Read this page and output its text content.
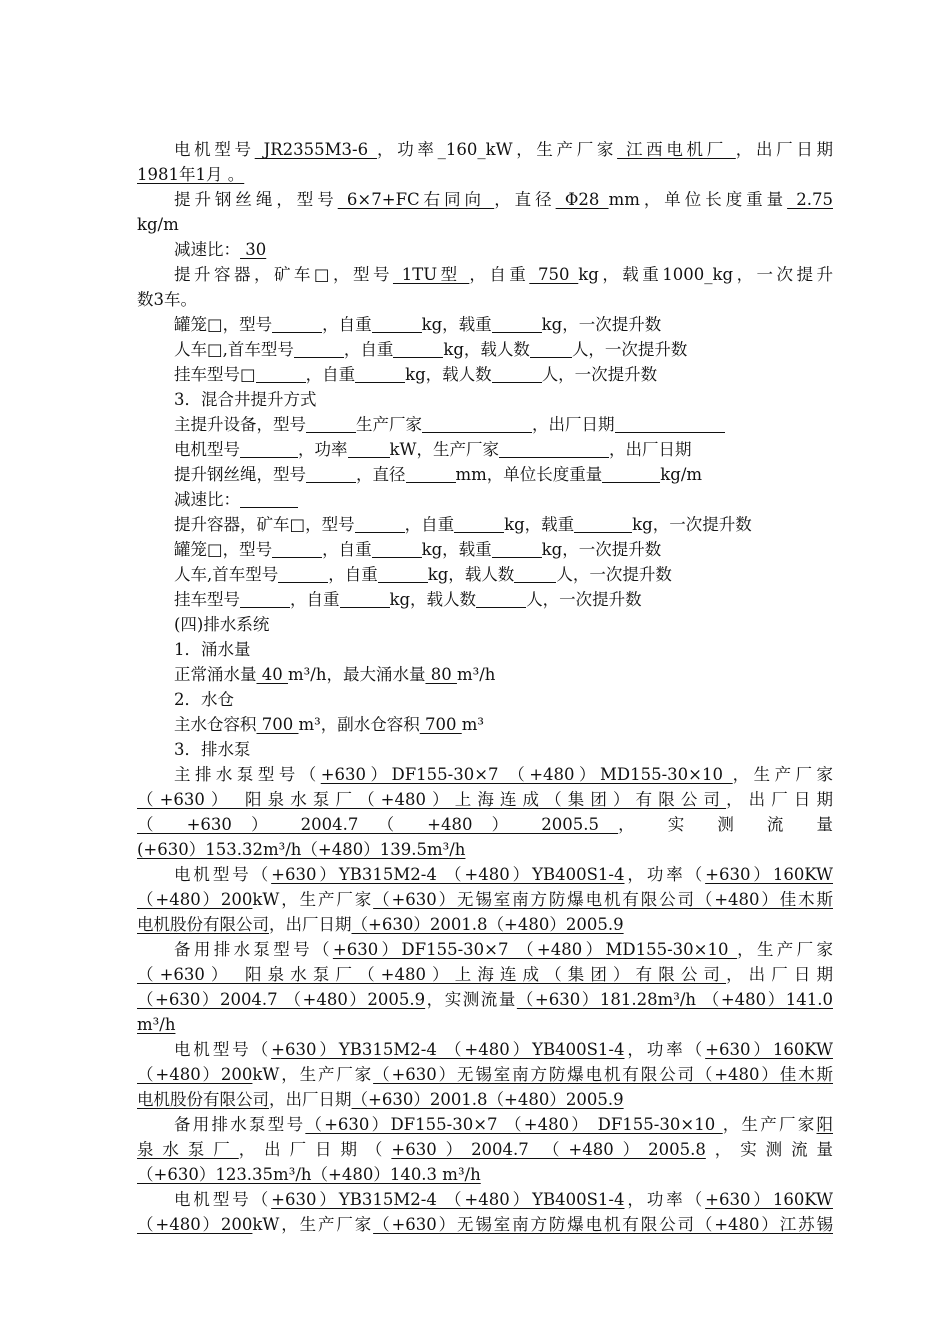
电机型号 JR2355M3-6 ，功率_160_kW，生产厂家 江西电机厂 ，出厂日期
1981年1月 。
提升钢丝绳，型号 6×7+FC右同向 ，直径 Φ28 mm，单位长度重量 2.75
kg/m
减速比： 30
提升容器，矿车□，型号 1TU型 ，自重 750 kg，载重1000_kg，一次提升
数3车。
罐笼□，型号	，自重	kg，载重	kg，一次提升数
人车□,首车型号	，自重	kg，载人数	人，一次提升数
挂车型号□	，自重	kg，载人数	人，一次提升数
3．混合井提升方式
主提升设备，型号	生产厂家	，出厂日期
电机型号	，功率	kW，生产厂家	，出厂日期
提升钢丝绳，型号	，直径	mm，单位长度重量	kg/m
减速比：
提升容器，矿车□，型号	，自重	kg，载重	kg，一次提升数
罐笼□，型号	，自重	kg，载重	kg，一次提升数
人车,首车型号	，自重	kg，载人数	人，一次提升数
挂车型号	，自重	kg，载人数	人，一次提升数
(四)排水系统
1．涌水量
正常涌水量 40 m³/h，最大涌水量 80 m³/h
2．水仓
主水仓容积 700 m³，副水仓容积 700 m³
3．排水泵
主排水泵型号（+630）DF155-30×7 （+480）MD155-30×10 ，生产厂家
（+630） 阳泉水泵厂（+480）上海连成（集团）有限公司，出厂日期
（ +630 ） 2004.7 （ +480 ） 2005.5 ， 实 测 流 量
(+630）153.32m³/h（+480）139.5m³/h
电机型号（+630）YB315M2-4 （+480）YB400S1-4，功率（+630）160KW
（+480）200kW，生产厂家（+630）无锡室南方防爆电机有限公司（+480）佳木斯
电机股份有限公司，出厂日期（+630）2001.8（+480）2005.9
备用排水泵型号（+630）DF155-30×7 （+480）MD155-30×10 ，生产厂家
（+630） 阳泉水泵厂（+480）上海连成（集团）有限公司，出厂日期
（+630）2004.7 （+480）2005.9，实测流量（+630）181.28m³/h （+480）141.0
m³/h
电机型号（+630）YB315M2-4 （+480）YB400S1-4，功率（+630）160KW
（+480）200kW，生产厂家（+630）无锡室南方防爆电机有限公司（+480）佳木斯
电机股份有限公司，出厂日期（+630）2001.8（+480）2005.9
备用排水泵型号（+630）DF155-30×7 （+480） DF155-30×10 ，生产厂家阳
泉水泵厂，出厂日期（+630）2004.7 （+480）2005.8，实测流量
（+630）123.35m³/h（+480）140.3 m³/h
电机型号（+630）YB315M2-4 （+480）YB400S1-4，功率（+630）160KW
（+480）200kW，生产厂家（+630）无锡室南方防爆电机有限公司（+480）江苏锡
